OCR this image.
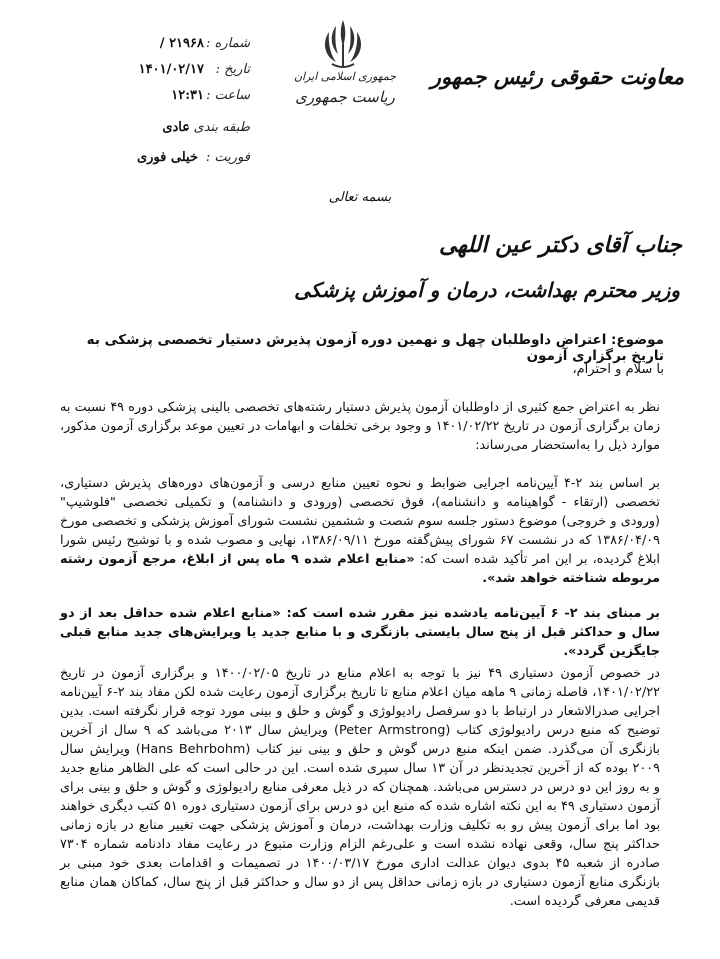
شماره :
۲۱۹۶۸ /
تاریخ :
۱۴۰۱/۰۲/۱۷
ساعت :
۱۲:۳۱
طبقه بندی :
عادی
فوریت :
خیلی فوری
جمهوری اسلامی ایران
ریاست جمهوری
معاونت حقوقی رئیس جمهور
بسمه تعالی
جناب آقای دکتر عین اللهی
وزیر محترم بهداشت، درمان و آموزش پزشکی
موضوع: اعتراض داوطلبان چهل و نهمین دوره آزمون پذیرش دستیار تخصصی پزشکی به تاریخ برگزاری آزمون
با سلام و احترام،
نظر به اعتراض جمع کثیری از داوطلبان آزمون پذیرش دستیار رشته‌های تخصصی بالینی پزشکی دوره ۴۹ نسبت به زمان برگزاری آزمون در تاریخ ۱۴۰۱/۰۲/۲۲ و وجود برخی تخلفات و ابهامات در تعیین موعد برگزاری آزمون مذکور، موارد ذیل را به‌استحضار می‌رساند:
بر اساس بند ۲-۴ آیین‌نامه اجرایی ضوابط و نحوه تعیین منابع درسی و آزمون‌های دوره‌های پذیرش دستیاری، تخصصی (ارتقاء - گواهینامه و دانشنامه)، فوق تخصصی (ورودی و دانشنامه) و تکمیلی تخصصی "فلوشیپ" (ورودی و خروجی) موضوع دستور جلسه سوم شصت و ششمین نشست شورای آموزش پزشکی و تخصصی مورخ ۱۳۸۶/۰۴/۰۹ که در نشست ۶۷ شورای پیش‌گفته مورخ ۱۳۸۶/۰۹/۱۱، نهایی و مصوب شده و با توشیح رئیس شورا ابلاغ گردیده، بر این امر تأکید شده است که: «منابع اعلام شده ۹ ماه پس از ابلاغ، مرجع آزمون رشته مربوطه شناخته خواهد شد».
بر مبنای بند ۲- ۶ آیین‌نامه یادشده نیز مقرر شده است که: «منابع اعلام شده حداقل بعد از دو سال و حداکثر قبل از پنج سال بایستی بازنگری و با منابع جدید یا ویرایش‌های جدید منابع قبلی جایگزین گردد».
در خصوص آزمون دستیاری ۴۹ نیز با توجه به اعلام منابع در تاریخ ۱۴۰۰/۰۲/۰۵ و برگزاری آزمون در تاریخ ۱۴۰۱/۰۲/۲۲، فاصله زمانی ۹ ماهه میان اعلام منابع تا تاریخ برگزاری آزمون رعایت شده لکن مفاد بند ۲-۶ آیین‌نامه اجرایی صدرالاشعار در ارتباط با دو سرفصل رادیولوژی و گوش و حلق و بینی مورد توجه قرار نگرفته است. بدین توضیح که منبع درس رادیولوژی کتاب (Peter Armstrong) ویرایش سال ۲۰۱۳ می‌باشد که ۹ سال از آخرین بازنگری آن می‌گذرد. ضمن اینکه منبع درس گوش و حلق و بینی نیز کتاب (Hans Behrbohm) ویرایش سال ۲۰۰۹ بوده که از آخرین تجدیدنظر در آن ۱۳ سال سپری شده است. این در حالی است که علی الظاهر منابع جدید و به روز این دو درس در دسترس می‌باشد. همچنان که در ذیل معرفی منابع رادیولوژی و گوش و حلق و بینی برای آزمون دستیاری ۴۹ به این نکته اشاره شده که منبع این دو درس برای آزمون دستیاری دوره ۵۱ کتب دیگری خواهند بود اما برای آزمون پیش رو به تکلیف وزارت بهداشت، درمان و آموزش پزشکی جهت تغییر منابع در بازه زمانی حداکثر پنج سال، وقعی نهاده نشده است و علی‌رغم الزام وزارت متبوع در رعایت مفاد دادنامه شماره ۷۳۰۴ صادره از شعبه ۴۵ بدوی دیوان عدالت اداری مورخ ۱۴۰۰/۰۳/۱۷ در تصمیمات و اقدامات بعدی خود مبنی بر بازنگری منابع آزمون دستیاری در بازه زمانی حداقل پس از دو سال و حداکثر قبل از پنج سال، کماکان همان منابع قدیمی معرفی گردیده است.
